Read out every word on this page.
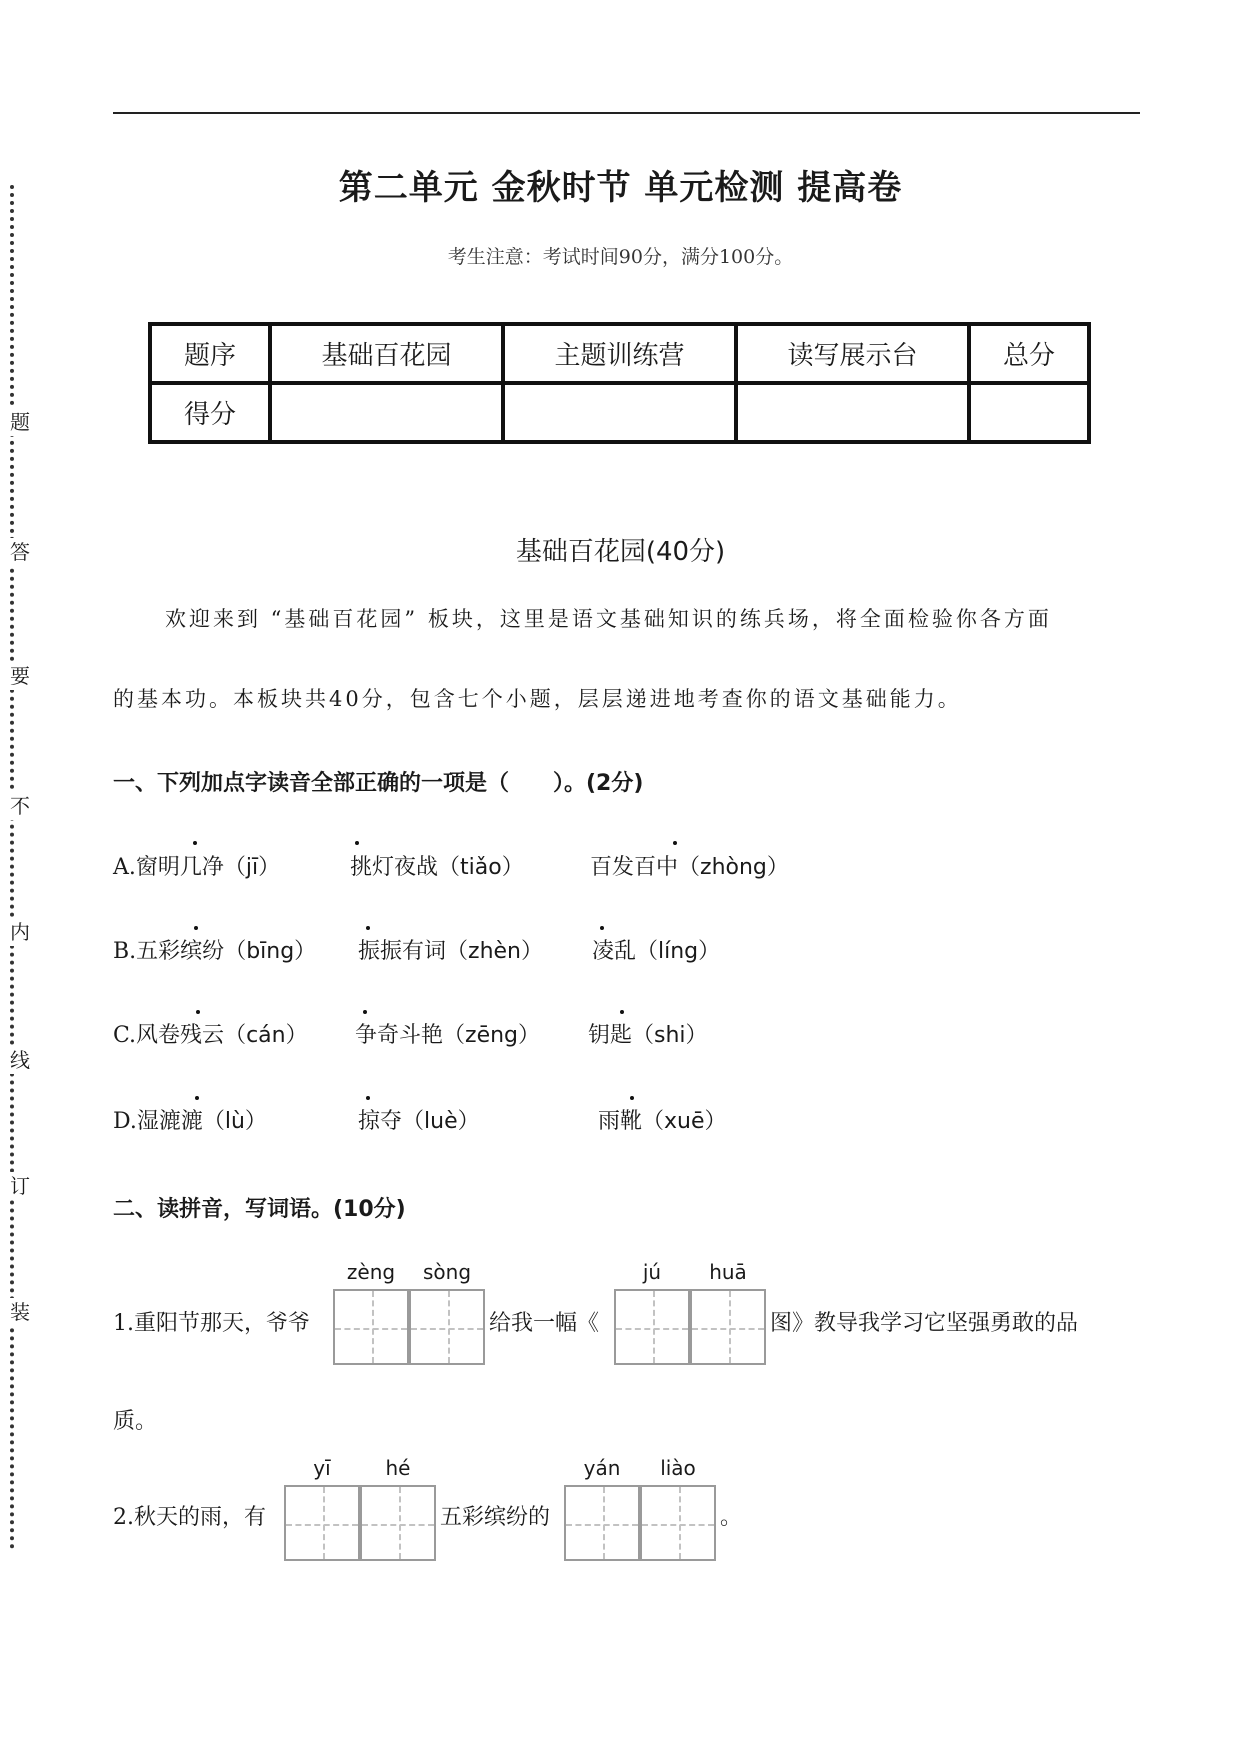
第二单元 金秋时节 单元检测 提高卷
考生注意：考试时间90分，满分100分。
题
答
要
不
内
线
订
装
题序	基础百花园	主题训练营	读写展示台	总分
得分				
基础百花园(40分)
欢迎来到 “基础百花园” 板块，这里是语文基础知识的练兵场，将全面检验你各方面
的基本功。本板块共40分，包含七个小题，层层递进地考查你的语文基础能力。
一、下列加点字读音全部正确的一项是（　　）。(2分)
A.窗明几净（jī）	挑灯夜战（tiǎo）	百发百中（zhòng）
B.五彩缤纷（bīng） 振振有词（zhèn） 凌乱（líng）
C.风卷残云（cán） 争奇斗艳（zēng） 钥匙（shi）
D.湿漉漉（lù）	掠夺（luè）	雨靴（xuē）
二、读拼音，写词语。(10分)
zèng	sòng	jú	huā
1.重阳节那天，爷爷	给我一幅《	图》教导我学习它坚强勇敢的品
质。
yī	hé	yán	liào
2.秋天的雨，有	五彩缤纷的	。
